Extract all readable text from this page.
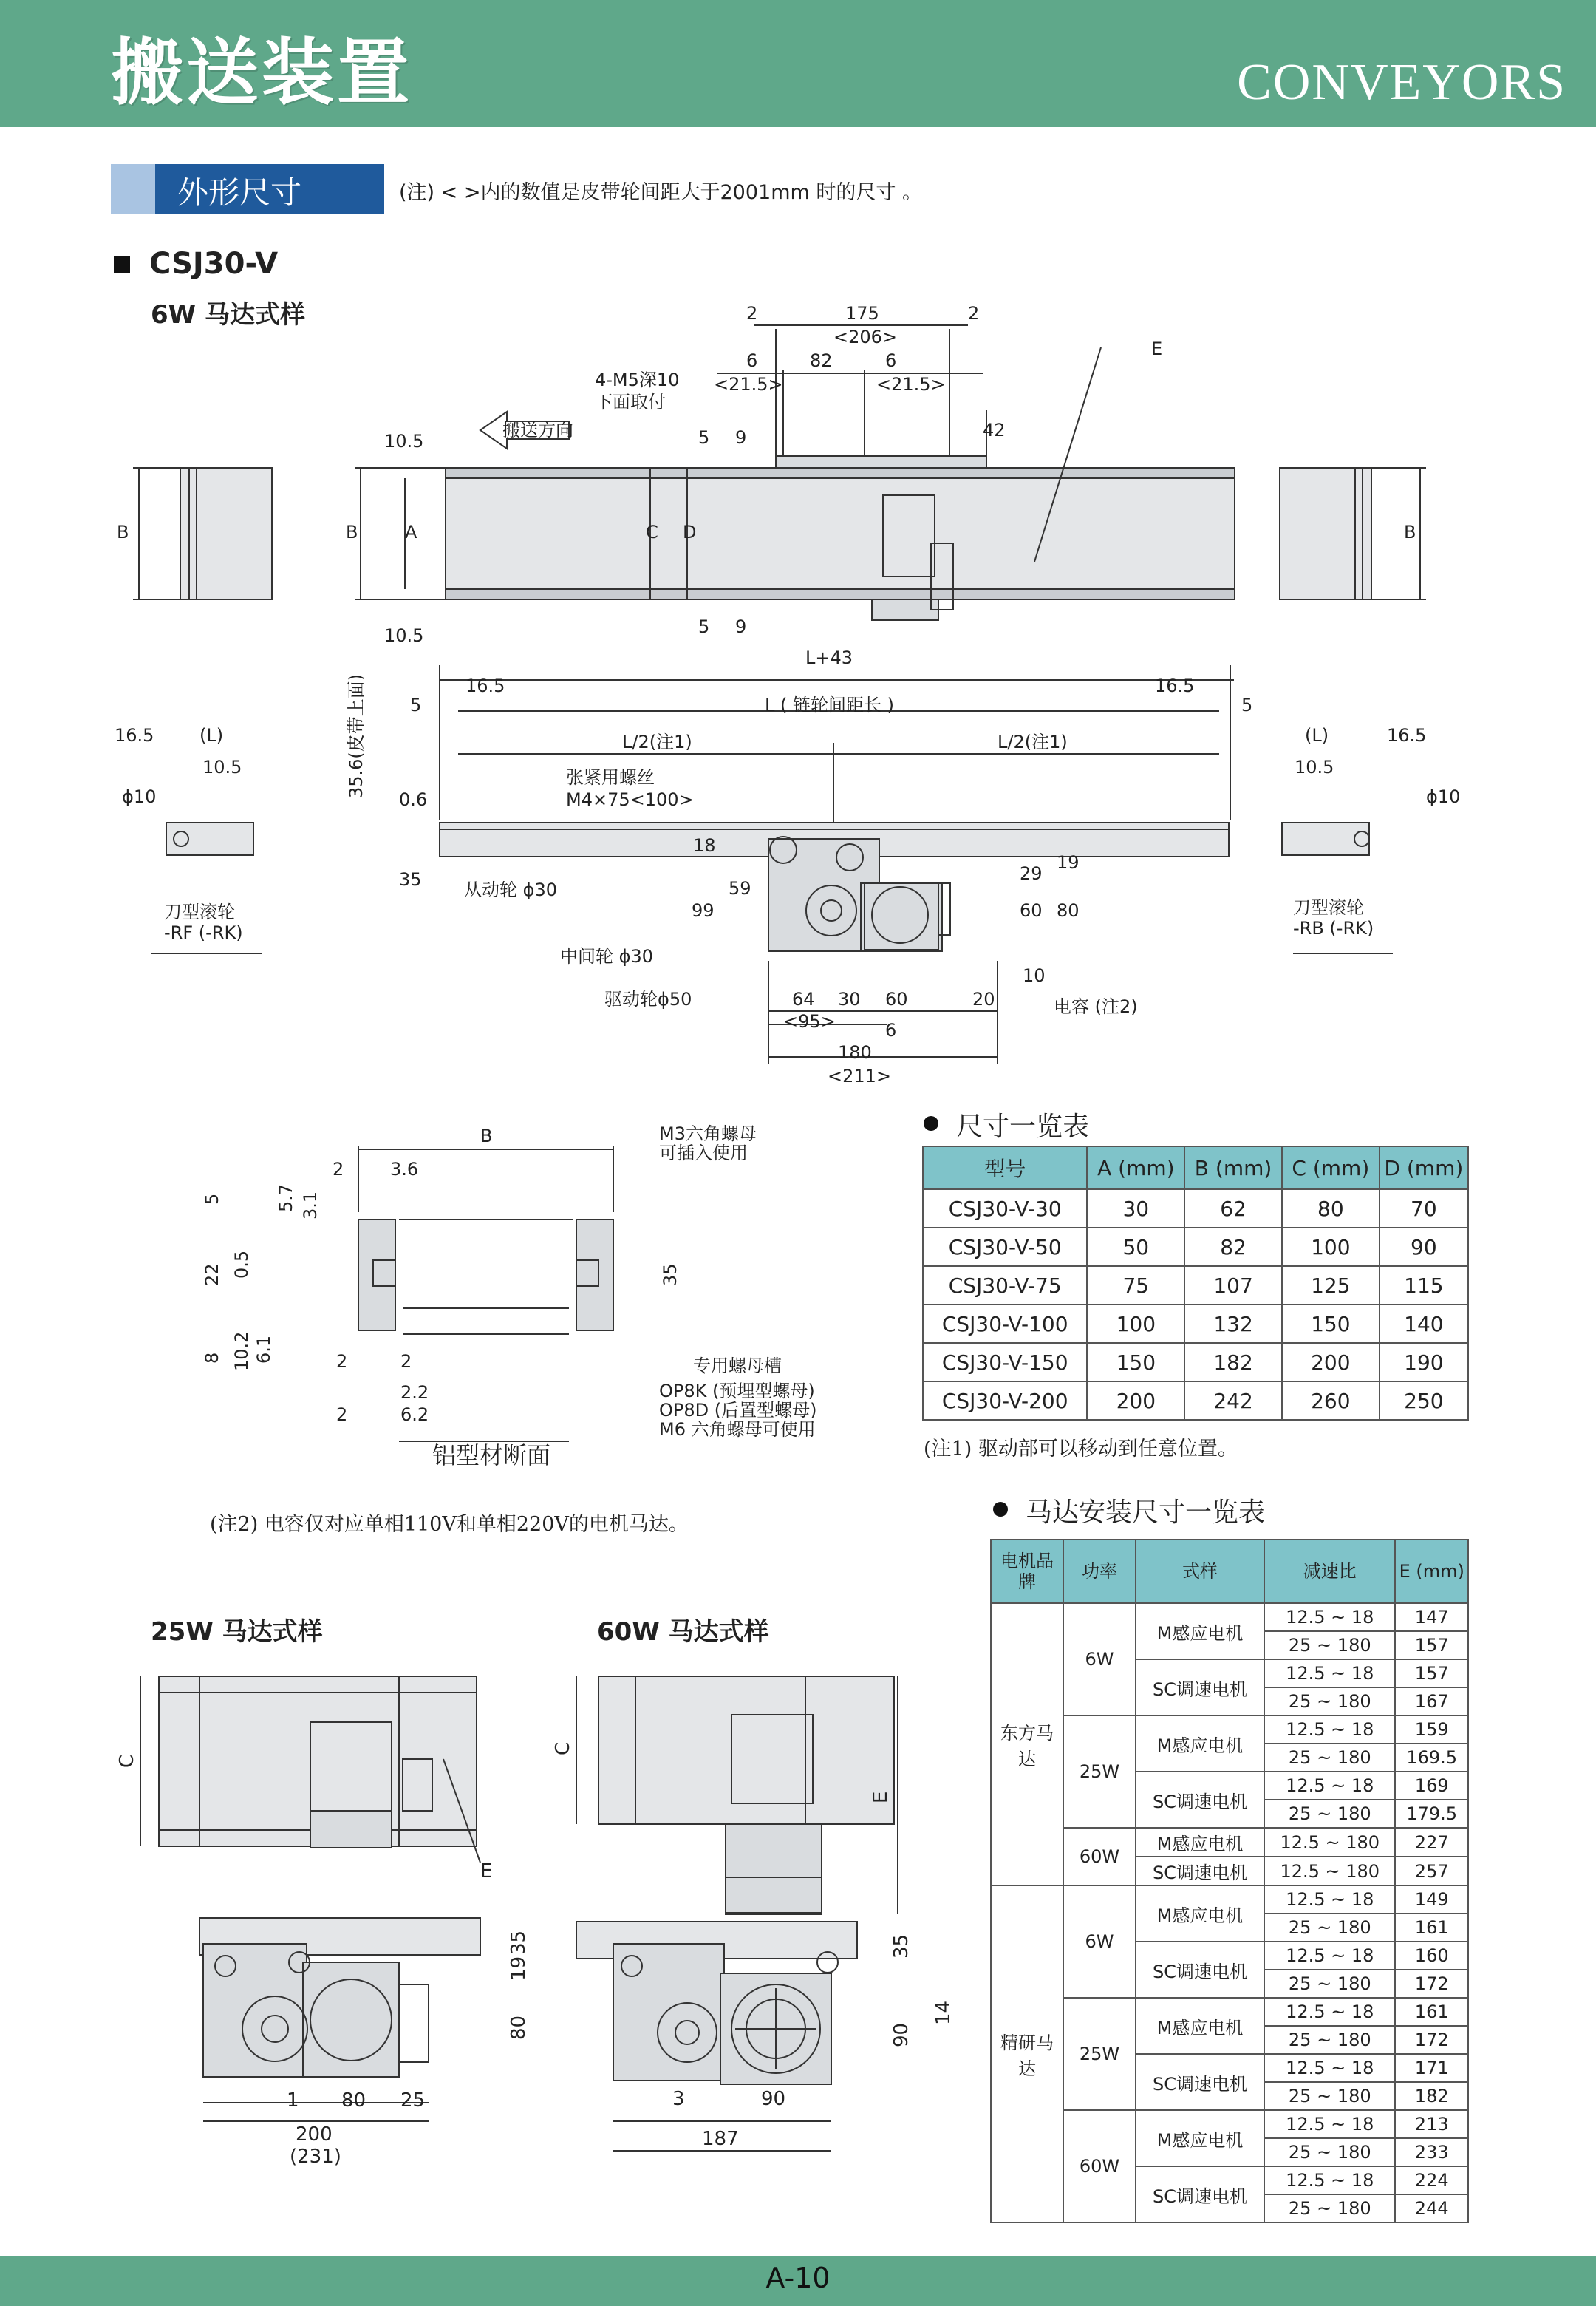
搬送装置	CONVEYORS
外形尺寸	(注) < >内的数值是皮带轮间距大于2001mm 时的尺寸 。
CSJ30-V
6W 马达式样	2	175
<206>
2
6	82	6
<21.5>	<21.5>
E
4-M5深10
下面取付
搬送方向
10.5	5 9	42
B	B	A	C D	B
10.5	5 9
L+43
16.5
5	L ( 链轮间距长 )
16.5
5
L/2(注1)	L/2(注1)
张紧用螺丝
M4×75<100>
35.6(皮带上面)
0.6
35
18
59
99
29
19
60 80
10
从动轮 ϕ30
中间轮 ϕ30
驱动轮ϕ50	电容 (注2)
64 30 60	20
<95>	6
180
<211>
16.5	(L)
10.5
ϕ10
刀型滚轮
-RF (-RK)
(L)	16.5
10.5
ϕ10
刀型滚轮
-RB (-RK)
B
2	3.6
5	5.7 3.1
22 0.5	35
8 10.2 6.1	2	2
2.2
2	6.2
M3六角螺母
可插入使用
专用螺母槽
OP8K (预埋型螺母)
OP8D (后置型螺母)
M6 六角螺母可使用
铝型材断面
尺寸一览表
型号	A (mm)	B (mm)	C (mm)	D (mm)
CSJ30-V-30	30	62	80	70
CSJ30-V-50	50	82	100	90
CSJ30-V-75	75	107	125	115
CSJ30-V-100	100	132	150	140
CSJ30-V-150	150	182	200	190
CSJ30-V-200	200	242	260	250
(注1) 驱动部可以移动到任意位置。
(注2) 电容仅对应单相110V和单相220V的电机马达。	马达安装尺寸一览表
电机品牌	功率	式样	减速比	E (mm)
东方马达	6W	M感应电机	12.5 ~ 18	147
			25 ~ 180	157
		SC调速电机	12.5 ~ 18	157
			25 ~ 180	167
	25W	M感应电机	12.5 ~ 18	159
			25 ~ 180	169.5
		SC调速电机	12.5 ~ 18	169
			25 ~ 180	179.5
	60W	M感应电机	12.5 ~ 180	227
		SC调速电机	12.5 ~ 180	257
精研马达	6W	M感应电机	12.5 ~ 18	149
			25 ~ 180	161
		SC调速电机	12.5 ~ 18	160
			25 ~ 180	172
	25W	M感应电机	12.5 ~ 18	161
			25 ~ 180	172
		SC调速电机	12.5 ~ 18	171
			25 ~ 180	182
	60W	M感应电机	12.5 ~ 18	213
			25 ~ 180	233
		SC调速电机	12.5 ~ 18	224
			25 ~ 180	244
25W 马达式样	60W 马达式样
C
E
35
19
80
1 80 25
200
(231)
C
E
35
14
90
3	90
187
A-10
